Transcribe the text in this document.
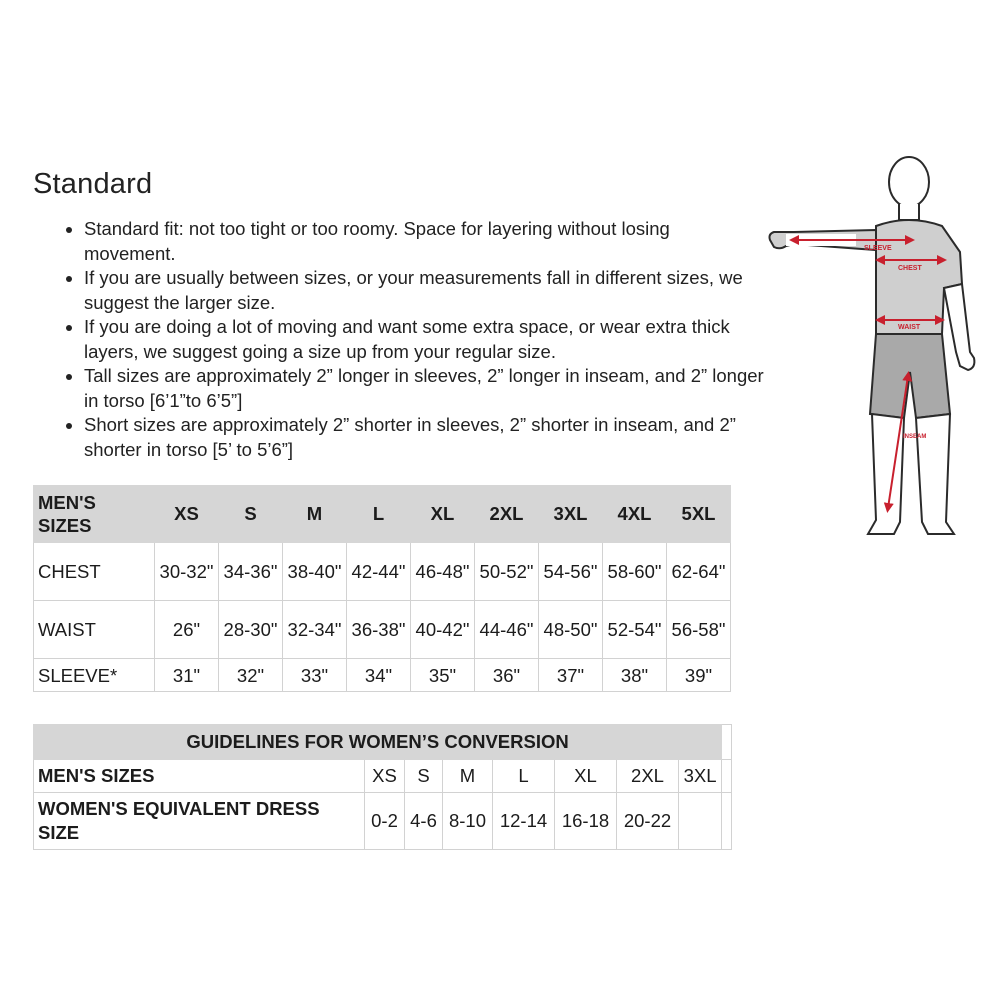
Standard
• Standard fit: not too tight or too roomy. Space for layering without losing movement.
• If you are usually between sizes, or your measurements fall in different sizes, we suggest the larger size.
• If you are doing a lot of moving and want some extra space, or wear extra thick layers, we suggest going a size up from your regular size.
• Tall sizes are approximately 2” longer in sleeves, 2” longer in inseam, and 2” longer in torso [6’1”to 6’5”]
• Short sizes are approximately 2” shorter in sleeves, 2” shorter in inseam, and 2” shorter in torso [5’ to 5’6”]
MEN'S SIZES	XS	S	M	L	XL	2XL	3XL	4XL	5XL
CHEST	30-32"	34-36"	38-40"	42-44"	46-48"	50-52"	54-56"	58-60"	62-64"
WAIST	26"	28-30"	32-34"	36-38"	40-42"	44-46"	48-50"	52-54"	56-58"
SLEEVE*	31"	32"	33"	34"	35"	36"	37"	38"	39"
GUIDELINES FOR WOMEN’S CONVERSION								
MEN'S SIZES	XS	S	M	L	XL	2XL	3XL	
WOMEN'S EQUIVALENT DRESS SIZE	0-2	4-6	8-10	12-14	16-18	20-22		
SLEEVE
CHEST
WAIST
INSEAM
